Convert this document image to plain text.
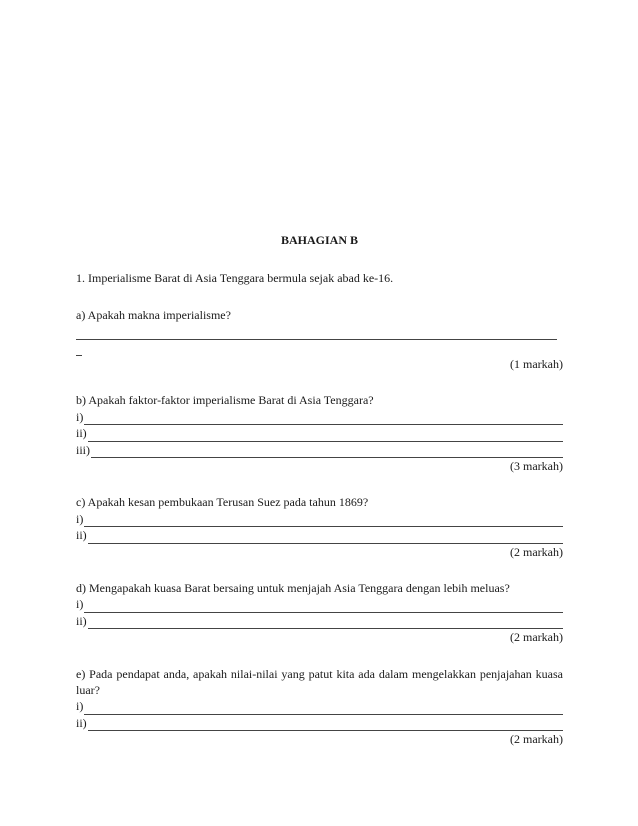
BAHAGIAN B
1. Imperialisme Barat di Asia Tenggara bermula sejak abad ke-16.

a) Apakah makna imperialisme?

(1 markah)

b) Apakah faktor-faktor imperialisme Barat di Asia Tenggara?

i)
ii)
iii)

(3 markah)

c) Apakah kesan pembukaan Terusan Suez pada tahun 1869?

i)
ii)

(2 markah)

d) Mengapakah kuasa Barat bersaing untuk menjajah Asia Tenggara dengan lebih meluas?

i)
ii)

(2 markah)

e) Pada pendapat anda, apakah nilai-nilai yang patut kita ada dalam mengelakkan penjajahan kuasa luar?

i)
ii)

(2 markah)
